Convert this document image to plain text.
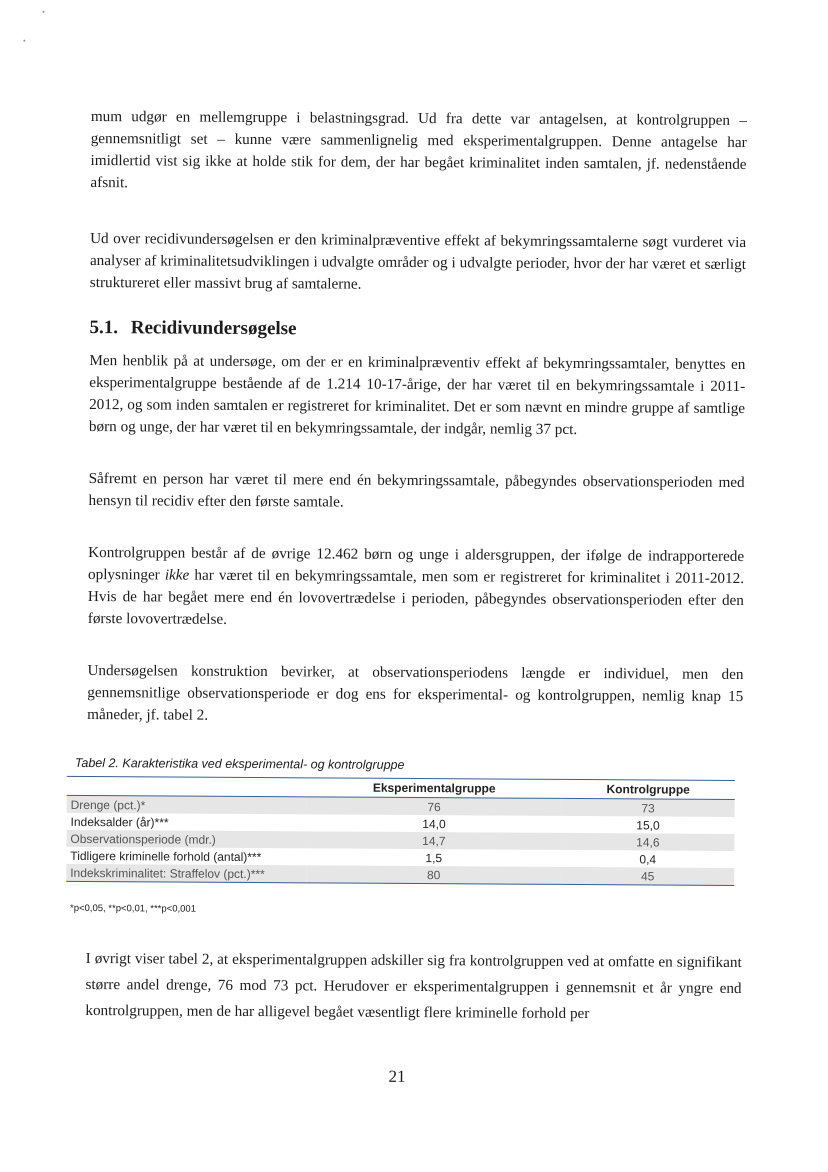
mum udgør en mellemgruppe i belastningsgrad. Ud fra dette var antagelsen, at kontrolgruppen – gennemsnitligt set – kunne være sammenlignelig med eksperimentalgruppen. Denne antagelse har imidlertid vist sig ikke at holde stik for dem, der har begået kriminalitet inden samtalen, jf. nedenstående afsnit.

Ud over recidivundersøgelsen er den kriminalpræventive effekt af bekymringssamtalerne søgt vurderet via analyser af kriminalitetsudviklingen i udvalgte områder og i udvalgte perioder, hvor der har været et særligt struktureret eller massivt brug af samtalerne.

5.1. Recidivundersøgelse

Men henblik på at undersøge, om der er en kriminalpræventiv effekt af bekymringssamtaler, benyttes en eksperimentalgruppe bestående af de 1.214 10-17-årige, der har været til en bekymringssamtale i 2011-2012, og som inden samtalen er registreret for kriminalitet. Det er som nævnt en mindre gruppe af samtlige børn og unge, der har været til en bekymringssamtale, der indgår, nemlig 37 pct.

Såfremt en person har været til mere end én bekymringssamtale, påbegyndes observationsperioden med hensyn til recidiv efter den første samtale.

Kontrolgruppen består af de øvrige 12.462 børn og unge i aldersgruppen, der ifølge de indrapporterede oplysninger ikke har været til en bekymringssamtale, men som er registreret for kriminalitet i 2011-2012. Hvis de har begået mere end én lovovertrædelse i perioden, påbegyndes observationsperioden efter den første lovovertrædelse.

Undersøgelsen konstruktion bevirker, at observationsperiodens længde er individuel, men den gennemsnitlige observationsperiode er dog ens for eksperimental- og kontrolgruppen, nemlig knap 15 måneder, jf. tabel 2.

Tabel 2. Karakteristika ved eksperimental- og kontrolgruppe
	Eksperimentalgruppe	Kontrolgruppe
Drenge (pct.)*	76	73
Indeksalder (år)***	14,0	15,0
Observationsperiode (mdr.)	14,7	14,6
Tidligere kriminelle forhold (antal)***	1,5	0,4
Indekskriminalitet: Straffelov (pct.)***	80	45
*p<0,05, **p<0,01, ***p<0,001

I øvrigt viser tabel 2, at eksperimentalgruppen adskiller sig fra kontrolgruppen ved at omfatte en signifikant større andel drenge, 76 mod 73 pct. Herudover er eksperimentalgruppen i gennemsnit et år yngre end kontrolgruppen, men de har alligevel begået væsentligt flere kriminelle forhold per

21
